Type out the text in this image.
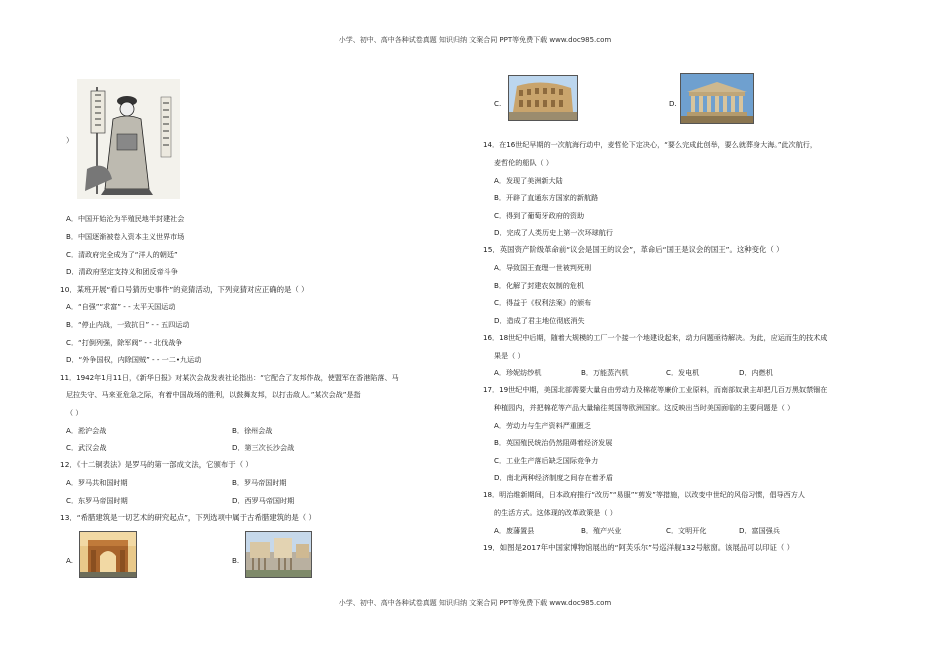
小学、初中、高中各种试卷真题 知识归纳 文案合同 PPT等免费下载 www.doc985.com
）
A．中国开始沦为半殖民地半封建社会
B．中国逐渐被卷入资本主义世界市场
C．清政府完全成为了“洋人的朝廷”
D．清政府坚定支持义和团反帝斗争
10．某班开展“看口号猜历史事件”的竞猜活动，下列竞猜对应正确的是（ ）
A．“自强”“求富” - - 太平天国运动
B．“停止内战，一致抗日” - - 五四运动
C．“打倒列强，除军阀” - - 北伐战争
D．“外争国权，内除国贼” - - 一二•九运动
11．1942年1月11日，《新华日报》对某次会战发表社论指出：“它配合了友邦作战，使盟军在香港陷落、马
尼拉失守、马来亚危急之际，有着中国战场的胜利，以鼓舞友邦，以打击敌人。”某次会战”是指
（ ）
A．淞沪会战	B．徐州会战
C．武汉会战	D．第三次长沙会战
12．《十二铜表法》是罗马的第一部成文法，它颁布于（ ）
A．罗马共和国时期	B．罗马帝国时期
C．东罗马帝国时期	D．西罗马帝国时期
13．“希腊建筑是一切艺术的研究起点”，下列选项中属于古希腊建筑的是（ ）
A.	B.
C.	D.
14．在16世纪早期的一次航海行动中，麦哲伦下定决心，“要么完成此创举，要么就葬身大海。”此次航行，
麦哲伦的船队（ ）
A．发现了美洲新大陆
B．开辟了直通东方国家的新航路
C．得到了葡萄牙政府的资助
D．完成了人类历史上第一次环球航行
15．英国资产阶级革命前“议会是国王的议会”，革命后“国王是议会的国王”。这种变化（ ）
A．导致国王查理一世被判死刑
B．化解了封建农奴制的危机
C．得益于《权利法案》的颁布
D．造成了君主地位彻底消失
16．18世纪中后期，随着大规模的工厂一个接一个地建设起来，动力问题亟待解决。为此，应运而生的技术成
果是（ ）
A．珍妮纺纱机	B．万能蒸汽机	C．发电机	D．内燃机
17．19世纪中期，美国北部需要大量自由劳动力及棉花等廉价工业原料，而南部奴隶主却把几百万黑奴禁锢在
种植园内，并把棉花等产品大量输往英国等欧洲国家。这反映出当时美国面临的主要问题是（ ）
A．劳动力与生产资料严重匮乏
B．英国殖民统治仍然阻碍着经济发展
C．工业生产落后缺乏国际竞争力
D．南北两种经济制度之间存在着矛盾
18．明治维新期间，日本政府推行“改历”“易服”“剪发”等措施，以改变中世纪的风俗习惯，倡导西方人
的生活方式。这体现的改革政策是（ ）
A．废藩置县	B．殖产兴业	C．文明开化	D．富国强兵
19．如图是2017年中国家博物馆展出的“阿芙乐尔”号巡洋舰132号舷窗。该展品可以印证（ ）
小学、初中、高中各种试卷真题 知识归纳 文案合同 PPT等免费下载 www.doc985.com
